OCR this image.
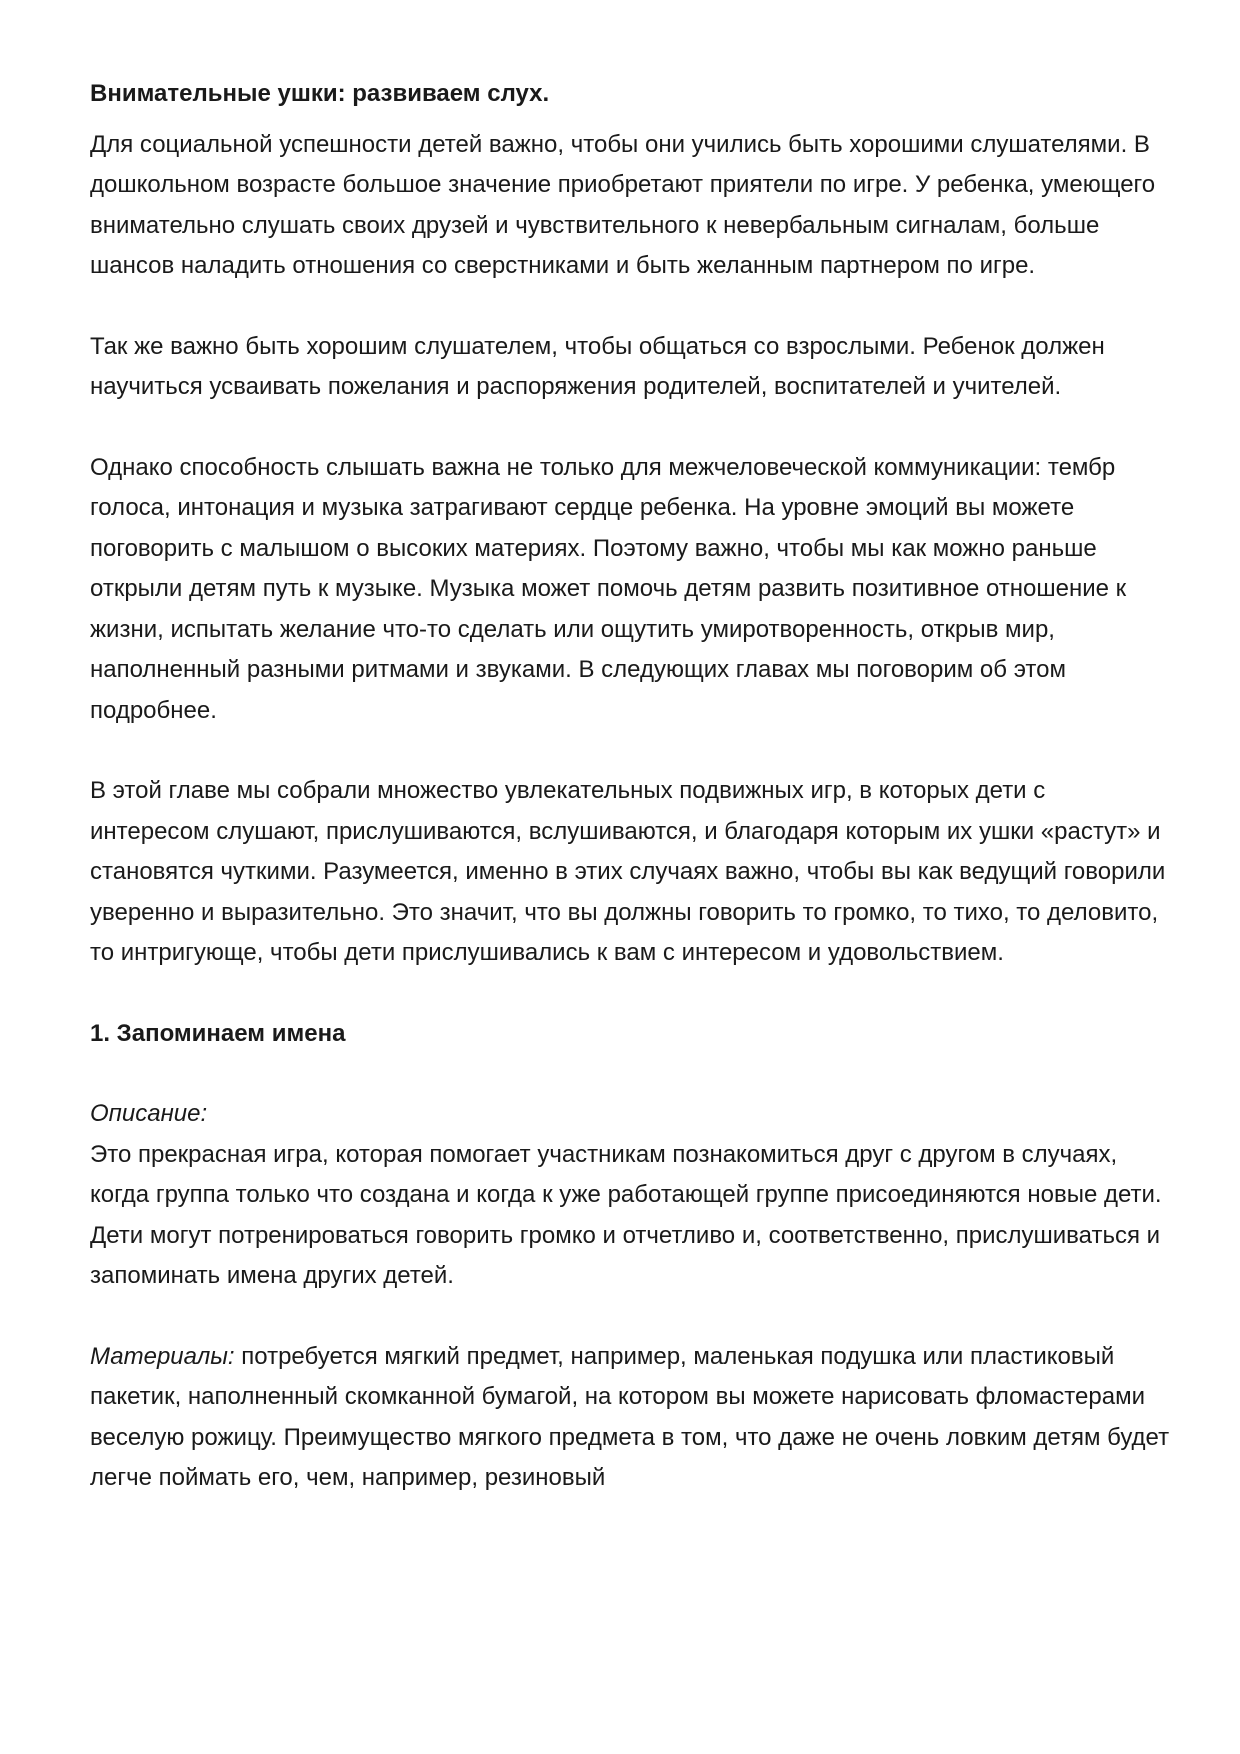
Внимательные ушки: развиваем слух.

Для социальной успешности детей важно, чтобы они учились быть хорошими слушателями. В дошкольном возрасте большое значение приобретают приятели по игре. У ребенка, умеющего внимательно слушать своих друзей и чувствительного к невербальным сигналам, больше шансов наладить отношения со сверстниками и быть желанным партнером по игре.

Так же важно быть хорошим слушателем, чтобы общаться со взрослыми. Ребенок должен научиться усваивать пожелания и распоряжения родителей, воспитателей и учителей.

Однако способность слышать важна не только для межчеловеческой коммуникации: тембр голоса, интонация и музыка затрагивают сердце ребенка. На уровне эмоций вы можете поговорить с малышом о высоких материях. Поэтому важно, чтобы мы как можно раньше открыли детям путь к музыке. Музыка может помочь детям развить позитивное отношение к жизни, испытать желание что-то сделать или ощутить умиротворенность, открыв мир, наполненный разными ритмами и звуками. В следующих главах мы поговорим об этом подробнее.

В этой главе мы собрали множество увлекательных подвижных игр, в которых дети с интересом слушают, прислушиваются, вслушиваются, и благодаря которым их ушки «растут» и становятся чуткими. Разумеется, именно в этих случаях важно, чтобы вы как ведущий говорили уверенно и выразительно. Это значит, что вы должны говорить то громко, то тихо, то деловито, то интригующе, чтобы дети прислушивались к вам с интересом и удовольствием.

1. Запоминаем имена

Описание:

Это прекрасная игра, которая помогает участникам познакомиться друг с другом в случаях, когда группа только что создана и когда к уже работающей группе присоединяются новые дети. Дети могут потренироваться говорить громко и отчетливо и, соответственно, прислушиваться и запоминать имена других детей.

Материалы: потребуется мягкий предмет, например, маленькая подушка или пластиковый пакетик, наполненный скомканной бумагой, на котором вы можете нарисовать фломастерами веселую рожицу. Преимущество мягкого предмета в том, что даже не очень ловким детям будет легче поймать его, чем, например, резиновый
